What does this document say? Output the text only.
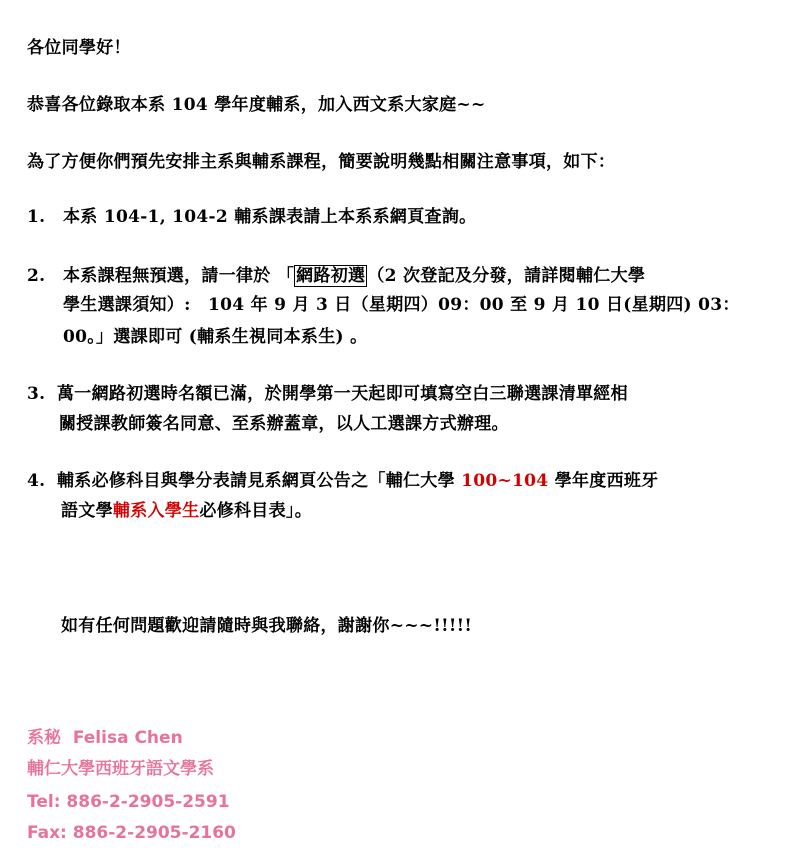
各位同學好！
恭喜各位錄取本系 104 學年度輔系，加入西文系大家庭~~
為了方便你們預先安排主系與輔系課程，簡要說明幾點相關注意事項，如下：
1. 本系 104-1, 104-2 輔系課表請上本系系網頁查詢。
2. 本系課程無預選，請一律於 「 網路初選 （2 次登記及分發，請詳閱輔仁大學
學生選課須知）:　104 年 9 月 3 日（星期四）09：00 至 9 月 10 日(星期四) 03：
00。」選課即可 (輔系生視同本系生) 。
3. 萬一網路初選時名額已滿，於開學第一天起即可填寫空白三聯選課清單經相
關授課教師簽名同意、至系辦蓋章，以人工選課方式辦理。
4. 輔系必修科目與學分表請見系網頁公告之「輔仁大學 100~104 學年度西班牙
語文學輔系入學生必修科目表」。
如有任何問題歡迎請隨時與我聯絡，謝謝你~~~!!!!!
系秘 Felisa Chen
輔仁大學西班牙語文學系
Tel: 886-2-2905-2591
Fax: 886-2-2905-2160
